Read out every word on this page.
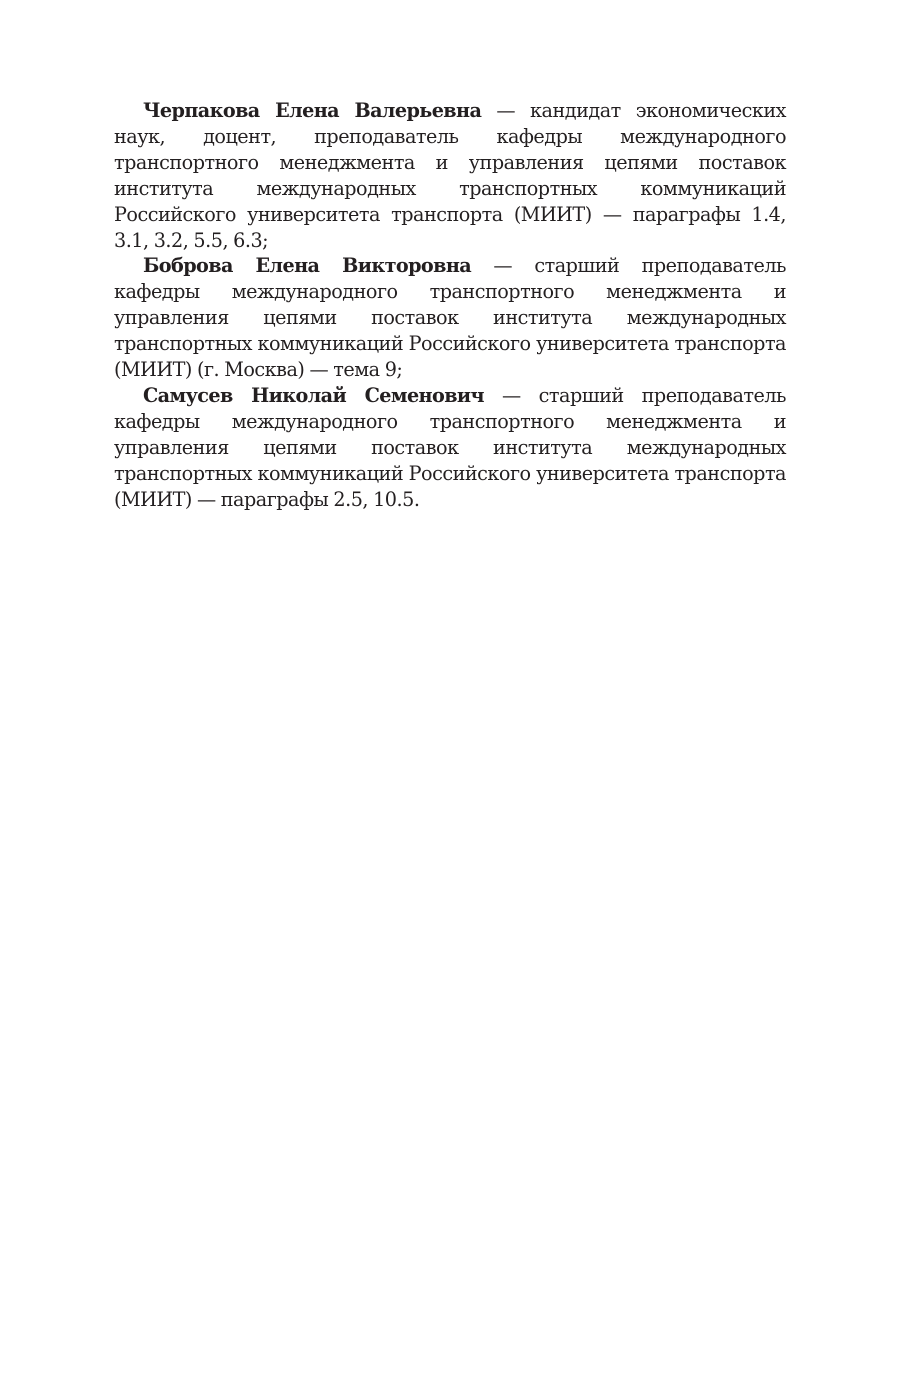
Черпакова Елена Валерьевна — кандидат экономических наук, доцент, преподаватель кафедры международного транспортного менеджмента и управления цепями поставок института международных транспортных коммуникаций Российского университета транспорта (МИИТ) — параграфы 1.4, 3.1, 3.2, 5.5, 6.3;

Боброва Елена Викторовна — старший преподаватель кафедры международного транспортного менеджмента и управления цепями поставок института международных транспортных коммуникаций Российского университета транспорта (МИИТ) (г. Москва) — тема 9;

Самусев Николай Семенович — старший преподаватель кафедры международного транспортного менеджмента и управления цепями поставок института международных транспортных коммуникаций Российского университета транспорта (МИИТ) — параграфы 2.5, 10.5.
